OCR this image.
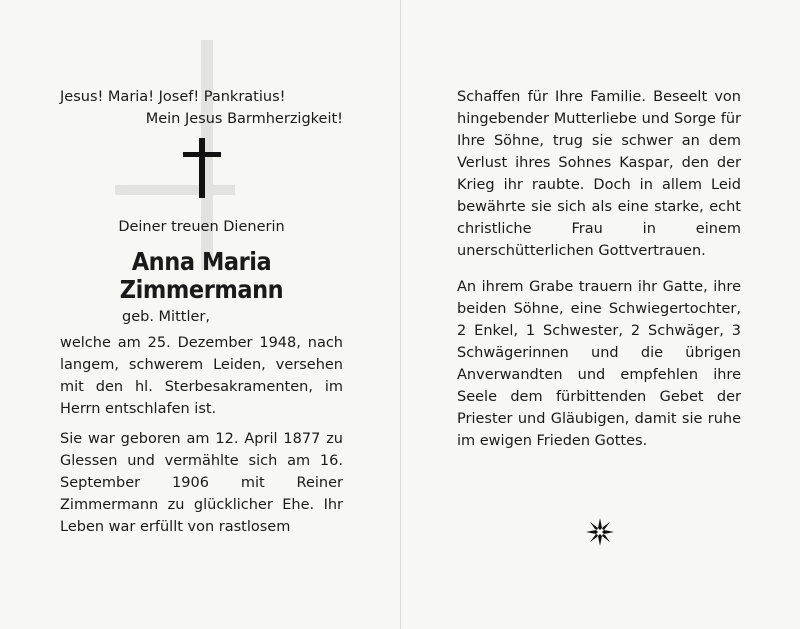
Jesus! Maria! Josef! Pankratius!
Mein Jesus Barmherzigkeit!
Deiner treuen Dienerin
Anna Maria Zimmermann
geb. Mittler,
welche am 25. Dezember 1948, nach langem, schwerem Leiden, versehen mit den hl. Sterbesakramenten, im Herrn entschlafen ist.
Sie war geboren am 12. April 1877 zu Glessen und vermählte sich am 16. September 1906 mit Reiner Zimmermann zu glücklicher Ehe. Ihr Leben war erfüllt von rastlosem
Schaffen für Ihre Familie. Beseelt von hingebender Mutterliebe und Sorge für Ihre Söhne, trug sie schwer an dem Verlust ihres Sohnes Kaspar, den der Krieg ihr raubte. Doch in allem Leid bewährte sie sich als eine starke, echt christliche Frau in einem unerschütterlichen Gottvertrauen.
An ihrem Grabe trauern ihr Gatte, ihre beiden Söhne, eine Schwiegertochter, 2 Enkel, 1 Schwester, 2 Schwäger, 3 Schwägerinnen und die übrigen Anverwandten und empfehlen ihre Seele dem fürbittenden Gebet der Priester und Gläubigen, damit sie ruhe im ewigen Frieden Gottes.
